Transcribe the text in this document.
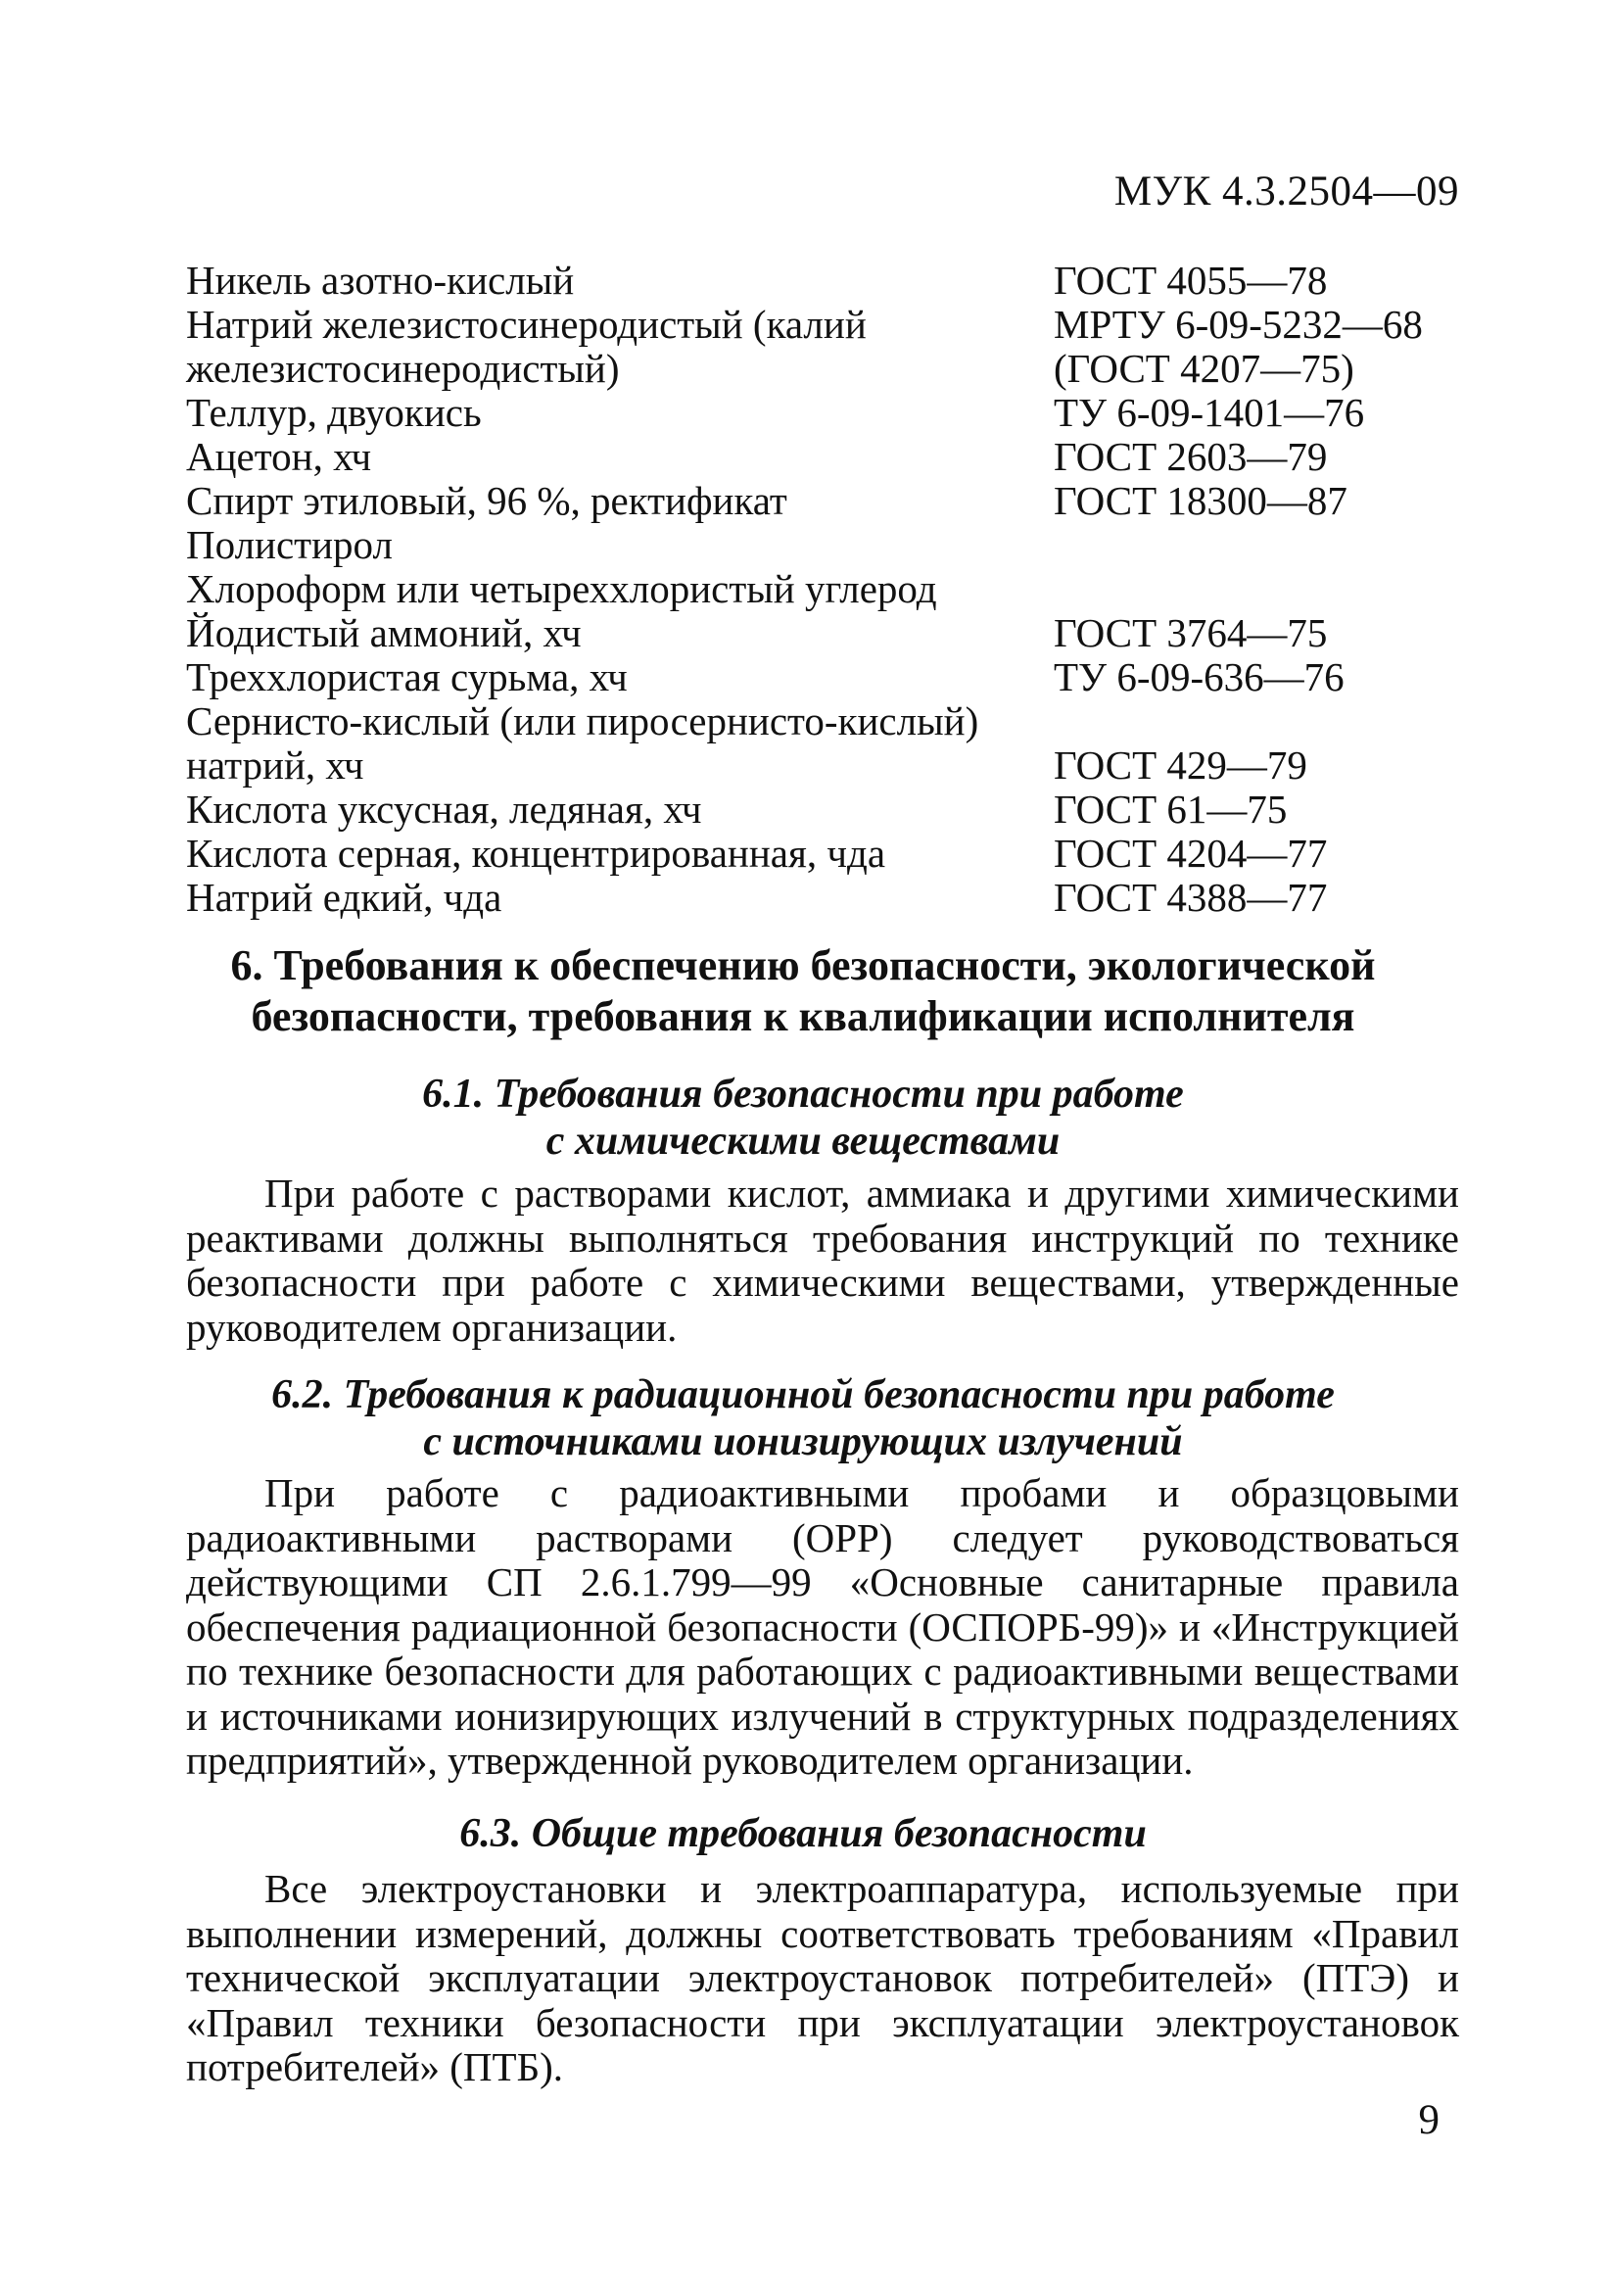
МУК 4.3.2504—09
Никель азотно-кислый	ГОСТ 4055—78
Натрий железистосинеродистый (калий	МРТУ 6-09-5232—68
железистосинеродистый)	(ГОСТ 4207—75)
Теллур, двуокись	ТУ 6-09-1401—76
Ацетон, хч	ГОСТ 2603—79
Спирт этиловый, 96 %, ректификат	ГОСТ 18300—87
Полистирол
Хлороформ или четыреххлористый углерод
Йодистый аммоний, хч	ГОСТ 3764—75
Треххлористая сурьма, хч	ТУ 6-09-636—76
Сернисто-кислый (или пиросернисто-кислый)
натрий, хч	ГОСТ 429—79
Кислота уксусная, ледяная, хч	ГОСТ 61—75
Кислота серная, концентрированная, чда	ГОСТ 4204—77
Натрий едкий, чда	ГОСТ 4388—77
6. Требования к обеспечению безопасности, экологической
безопасности, требования к квалификации исполнителя
6.1. Требования безопасности при работе
с химическими веществами
При работе с растворами кислот, аммиака и другими химическими реактивами должны выполняться требования инструкций по технике безопасности при работе с химическими веществами, утвержденные руководителем организации.
6.2. Требования к радиационной безопасности при работе
с источниками ионизирующих излучений
При работе с радиоактивными пробами и образцовыми радиоактивными растворами (ОРР) следует руководствоваться действующими СП 2.6.1.799—99 «Основные санитарные правила обеспечения радиационной безопасности (ОСПОРБ-99)» и «Инструкцией по технике безопасности для работающих с радиоактивными веществами и источниками ионизирующих излучений в структурных подразделениях предприятий», утвержденной руководителем организации.
6.3. Общие требования безопасности
Все электроустановки и электроаппаратура, используемые при выполнении измерений, должны соответствовать требованиям «Правил технической эксплуатации электроустановок потребителей» (ПТЭ) и «Правил техники безопасности при эксплуатации электроустановок потребителей» (ПТБ).
9
